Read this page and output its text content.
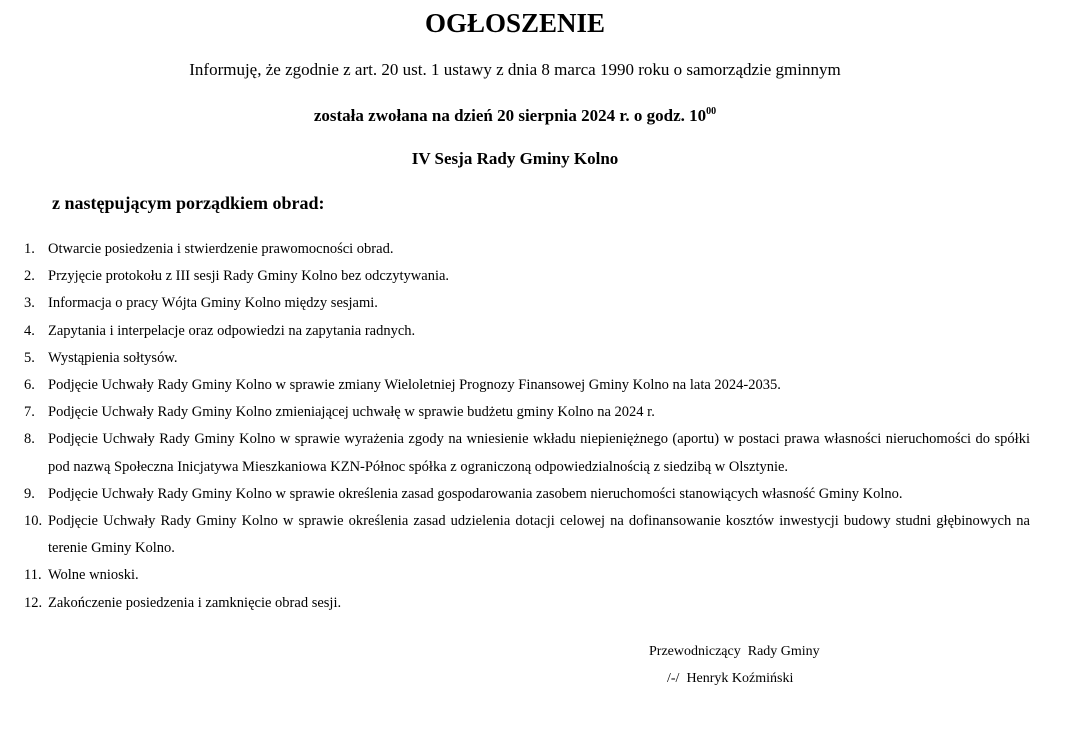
OGŁOSZENIE
Informuję, że zgodnie z art. 20 ust. 1 ustawy z dnia 8 marca 1990 roku o samorządzie gminnym
została zwołana na dzień 20 sierpnia 2024 r. o godz. $10^{00}$
IV Sesja Rady Gminy Kolno
z następującym porządkiem obrad:
1. Otwarcie posiedzenia i stwierdzenie prawomocności obrad.
2. Przyjęcie protokołu z III sesji Rady Gminy Kolno bez odczytywania.
3. Informacja o pracy Wójta Gminy Kolno między sesjami.
4. Zapytania i interpelacje oraz odpowiedzi na zapytania radnych.
5. Wystąpienia sołtysów.
6. Podjęcie Uchwały Rady Gminy Kolno w sprawie zmiany Wieloletniej Prognozy Finansowej Gminy Kolno na lata 2024-2035.
7. Podjęcie Uchwały Rady Gminy Kolno zmieniającej uchwałę w sprawie budżetu gminy Kolno na 2024 r.
8. Podjęcie Uchwały Rady Gminy Kolno w sprawie wyrażenia zgody na wniesienie wkładu niepieniężnego (aportu) w postaci prawa własności nieruchomości do spółki pod nazwą Społeczna Inicjatywa Mieszkaniowa KZN-Północ spółka z ograniczoną odpowiedzialnością z siedzibą w Olsztynie.
9. Podjęcie Uchwały Rady Gminy Kolno w sprawie określenia zasad gospodarowania zasobem nieruchomości stanowiących własność Gminy Kolno.
10. Podjęcie Uchwały Rady Gminy Kolno w sprawie określenia zasad udzielenia dotacji celowej na dofinansowanie kosztów inwestycji budowy studni głębinowych na terenie Gminy Kolno.
11. Wolne wnioski.
12. Zakończenie posiedzenia i zamknięcie obrad sesji.
Przewodniczący  Rady Gminy
/-/  Henryk Koźmiński
